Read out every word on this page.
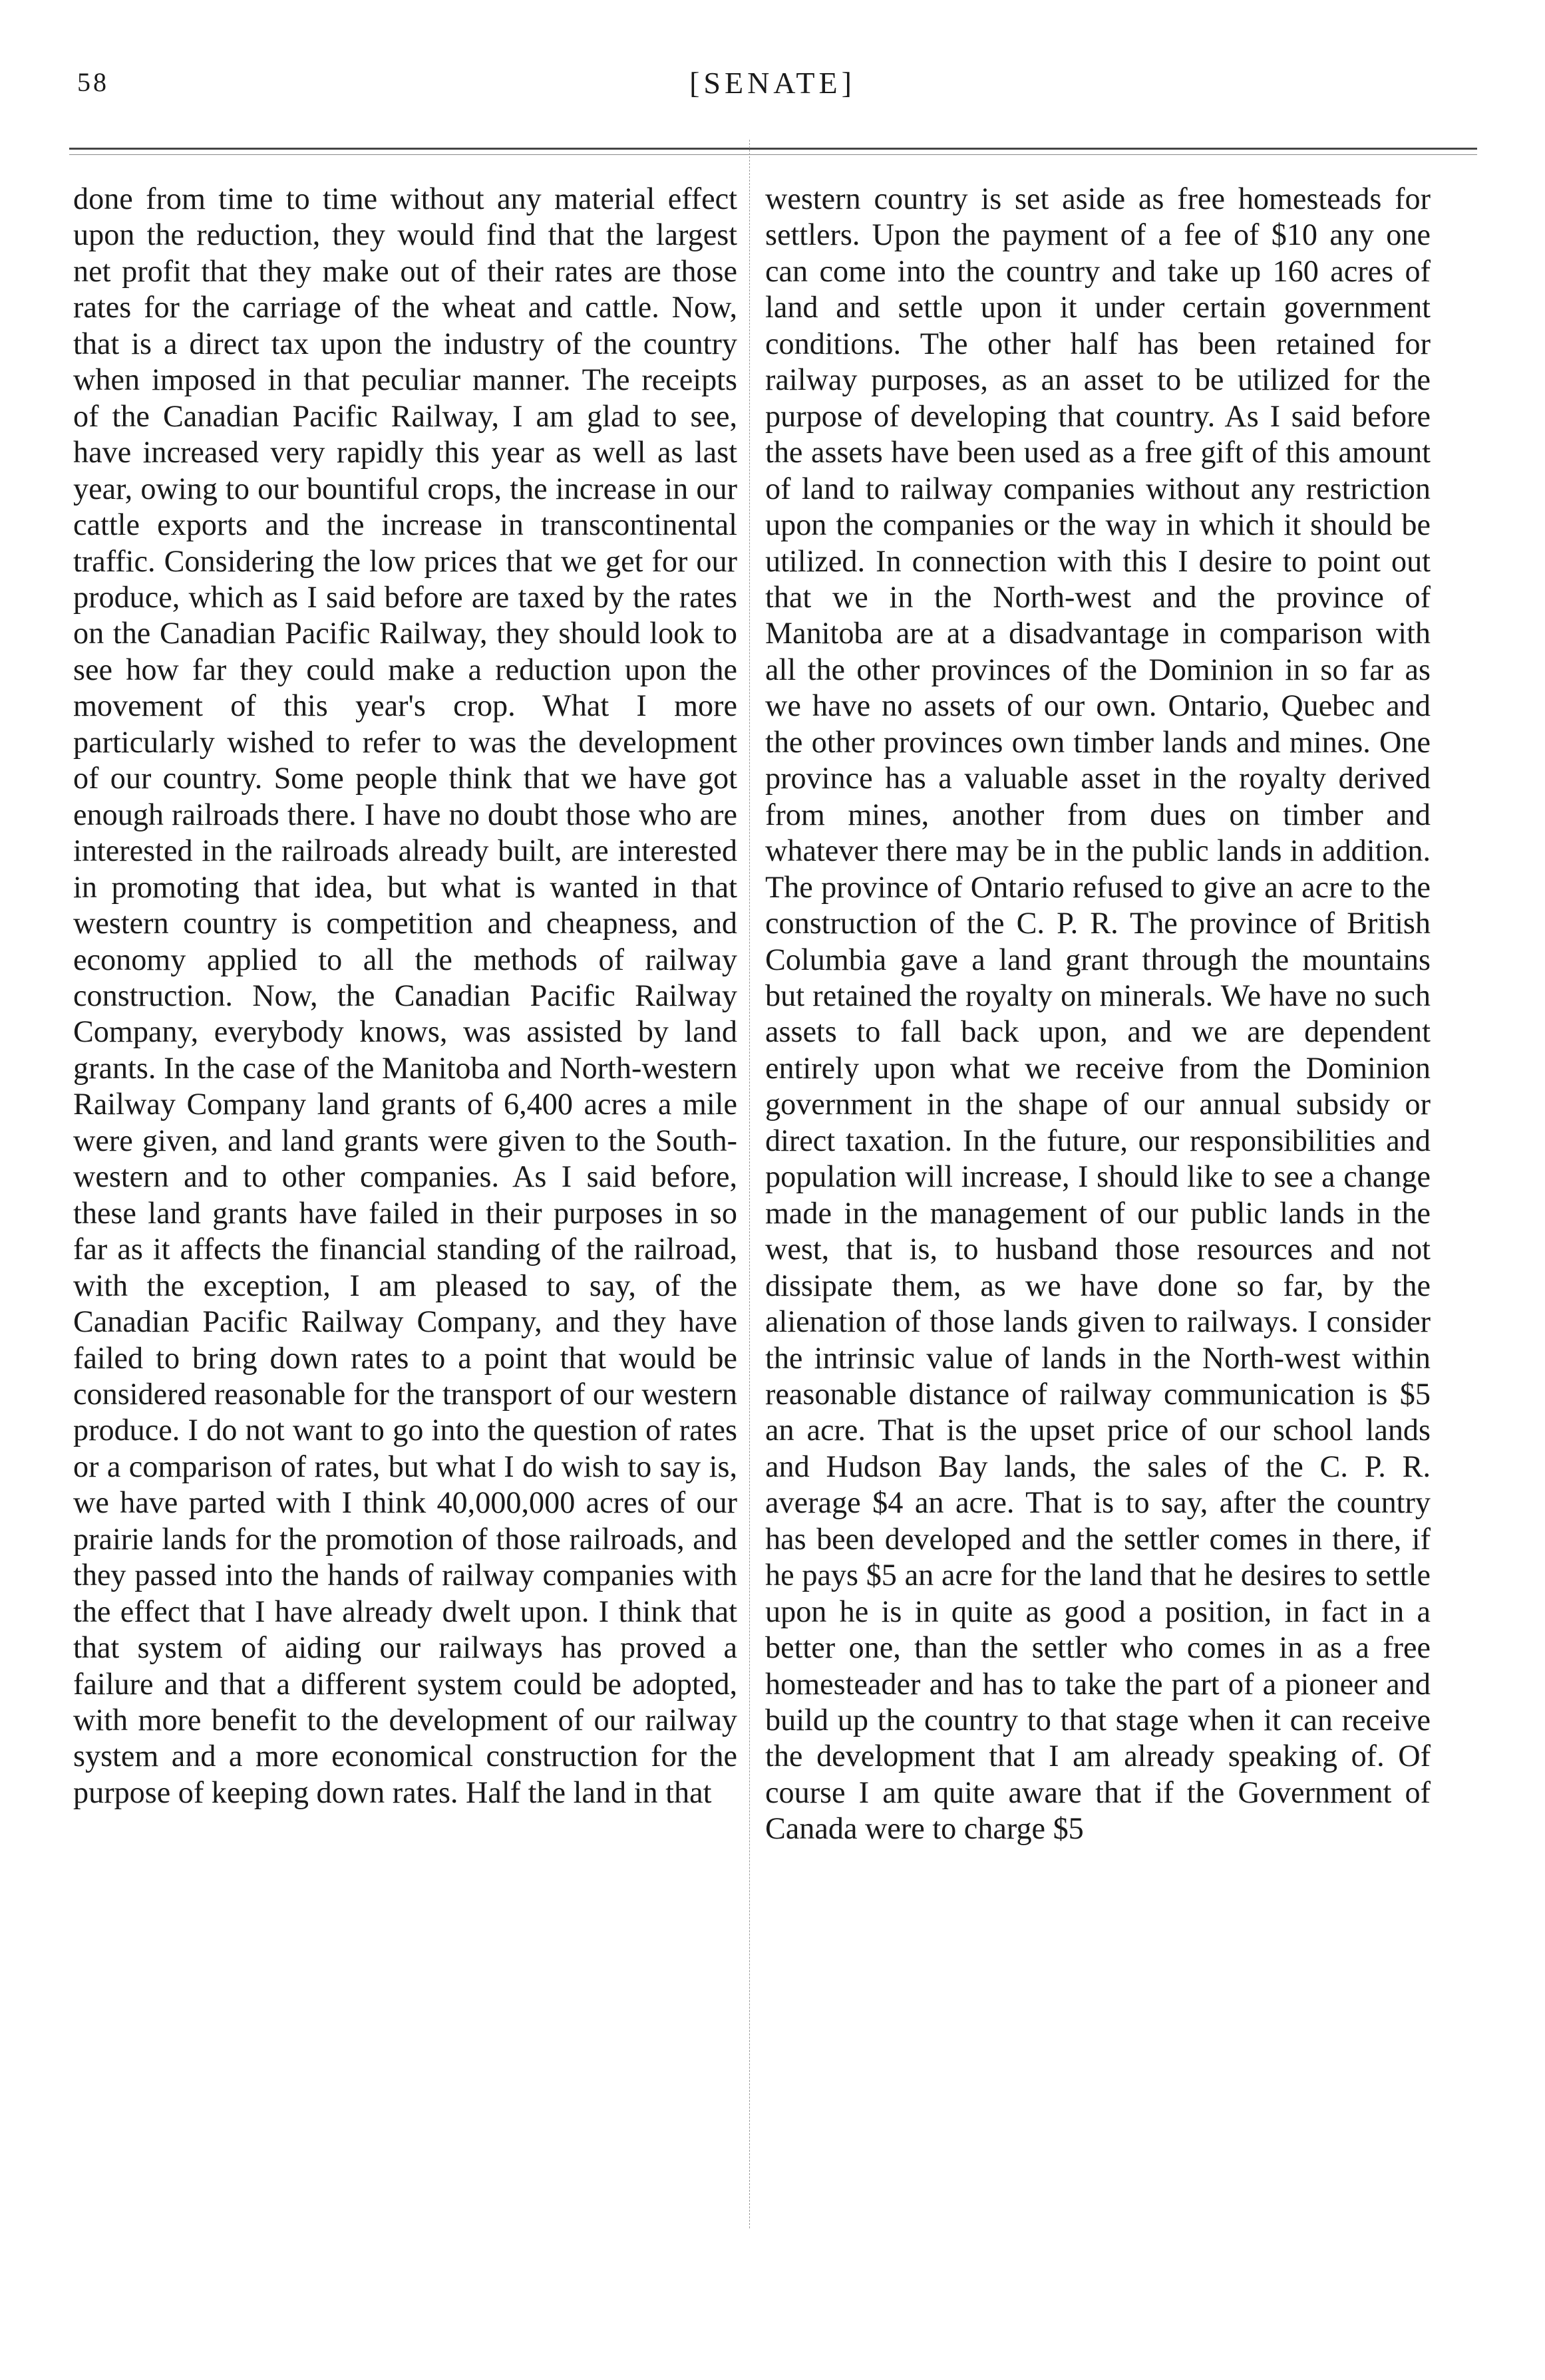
58	[SENATE]

done from time to time without any material effect upon the reduction, they would find that the largest net profit that they make out of their rates are those rates for the carriage of the wheat and cattle. Now, that is a direct tax upon the industry of the country when imposed in that peculiar manner. The receipts of the Canadian Pacific Railway, I am glad to see, have increased very rapidly this year as well as last year, owing to our bountiful crops, the increase in our cattle exports and the increase in transcontinental traffic. Considering the low prices that we get for our produce, which as I said before are taxed by the rates on the Canadian Pacific Railway, they should look to see how far they could make a reduction upon the movement of this year's crop. What I more particularly wished to refer to was the development of our country. Some people think that we have got enough railroads there. I have no doubt those who are interested in the railroads already built, are interested in promoting that idea, but what is wanted in that western country is competition and cheapness, and economy applied to all the methods of railway construction. Now, the Canadian Pacific Railway Company, everybody knows, was assisted by land grants. In the case of the Manitoba and North-western Railway Company land grants of 6,400 acres a mile were given, and land grants were given to the South-western and to other companies. As I said before, these land grants have failed in their purposes in so far as it affects the financial standing of the railroad, with the exception, I am pleased to say, of the Canadian Pacific Railway Company, and they have failed to bring down rates to a point that would be considered reasonable for the transport of our western produce. I do not want to go into the question of rates or a comparison of rates, but what I do wish to say is, we have parted with I think 40,000,000 acres of our prairie lands for the promotion of those railroads, and they passed into the hands of railway companies with the effect that I have already dwelt upon. I think that that system of aiding our railways has proved a failure and that a different system could be adopted, with more benefit to the development of our railway system and a more economical construction for the purpose of keeping down rates. Half the land in that

western country is set aside as free homesteads for settlers. Upon the payment of a fee of $10 any one can come into the country and take up 160 acres of land and settle upon it under certain government conditions. The other half has been retained for railway purposes, as an asset to be utilized for the purpose of developing that country. As I said before the assets have been used as a free gift of this amount of land to railway companies without any restriction upon the companies or the way in which it should be utilized. In connection with this I desire to point out that we in the North-west and the province of Manitoba are at a disadvantage in comparison with all the other provinces of the Dominion in so far as we have no assets of our own. Ontario, Quebec and the other provinces own timber lands and mines. One province has a valuable asset in the royalty derived from mines, another from dues on timber and whatever there may be in the public lands in addition. The province of Ontario refused to give an acre to the construction of the C. P. R. The province of British Columbia gave a land grant through the mountains but retained the royalty on minerals. We have no such assets to fall back upon, and we are dependent entirely upon what we receive from the Dominion government in the shape of our annual subsidy or direct taxation. In the future, our responsibilities and population will increase, I should like to see a change made in the management of our public lands in the west, that is, to husband those resources and not dissipate them, as we have done so far, by the alienation of those lands given to railways. I consider the intrinsic value of lands in the North-west within reasonable distance of railway communication is $5 an acre. That is the upset price of our school lands and Hudson Bay lands, the sales of the C. P. R. average $4 an acre. That is to say, after the country has been developed and the settler comes in there, if he pays $5 an acre for the land that he desires to settle upon he is in quite as good a position, in fact in a better one, than the settler who comes in as a free homesteader and has to take the part of a pioneer and build up the country to that stage when it can receive the development that I am already speaking of. Of course I am quite aware that if the Government of Canada were to charge $5
